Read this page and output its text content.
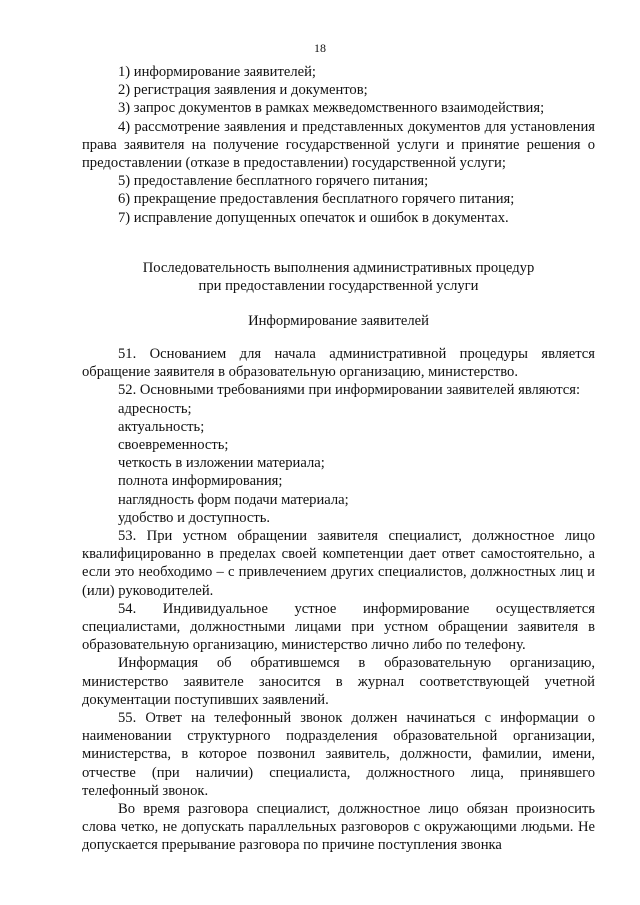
18

1) информирование заявителей;

2) регистрация заявления и документов;

3) запрос документов в рамках межведомственного взаимодействия;

4) рассмотрение заявления и представленных документов для установления права заявителя на получение государственной услуги и принятие решения о предоставлении (отказе в предоставлении) государственной услуги;

5) предоставление бесплатного горячего питания;

6) прекращение предоставления бесплатного горячего питания;

7) исправление допущенных опечаток и ошибок в документах.

Последовательность выполнения административных процедур
при предоставлении государственной услуги
Информирование заявителей

51. Основанием для начала административной процедуры является обращение заявителя в образовательную организацию, министерство.

52. Основными требованиями при информировании заявителей являются:

адресность;

актуальность;

своевременность;

четкость в изложении материала;

полнота информирования;

наглядность форм подачи материала;

удобство и доступность.

53. При устном обращении заявителя специалист, должностное лицо квалифицированно в пределах своей компетенции дает ответ самостоятельно, а если это необходимо – с привлечением других специалистов, должностных лиц и (или) руководителей.

54. Индивидуальное устное информирование осуществляется специалистами, должностными лицами при устном обращении заявителя в образовательную организацию, министерство лично либо по телефону.

Информация об обратившемся в образовательную организацию, министерство заявителе заносится в журнал соответствующей учетной документации поступивших заявлений.

55. Ответ на телефонный звонок должен начинаться с информации о наименовании структурного подразделения образовательной организации, министерства, в которое позвонил заявитель, должности, фамилии, имени, отчестве (при наличии) специалиста, должностного лица, принявшего телефонный звонок.

Во время разговора специалист, должностное лицо обязан произносить слова четко, не допускать параллельных разговоров с окружающими людьми. Не допускается прерывание разговора по причине поступления звонка
